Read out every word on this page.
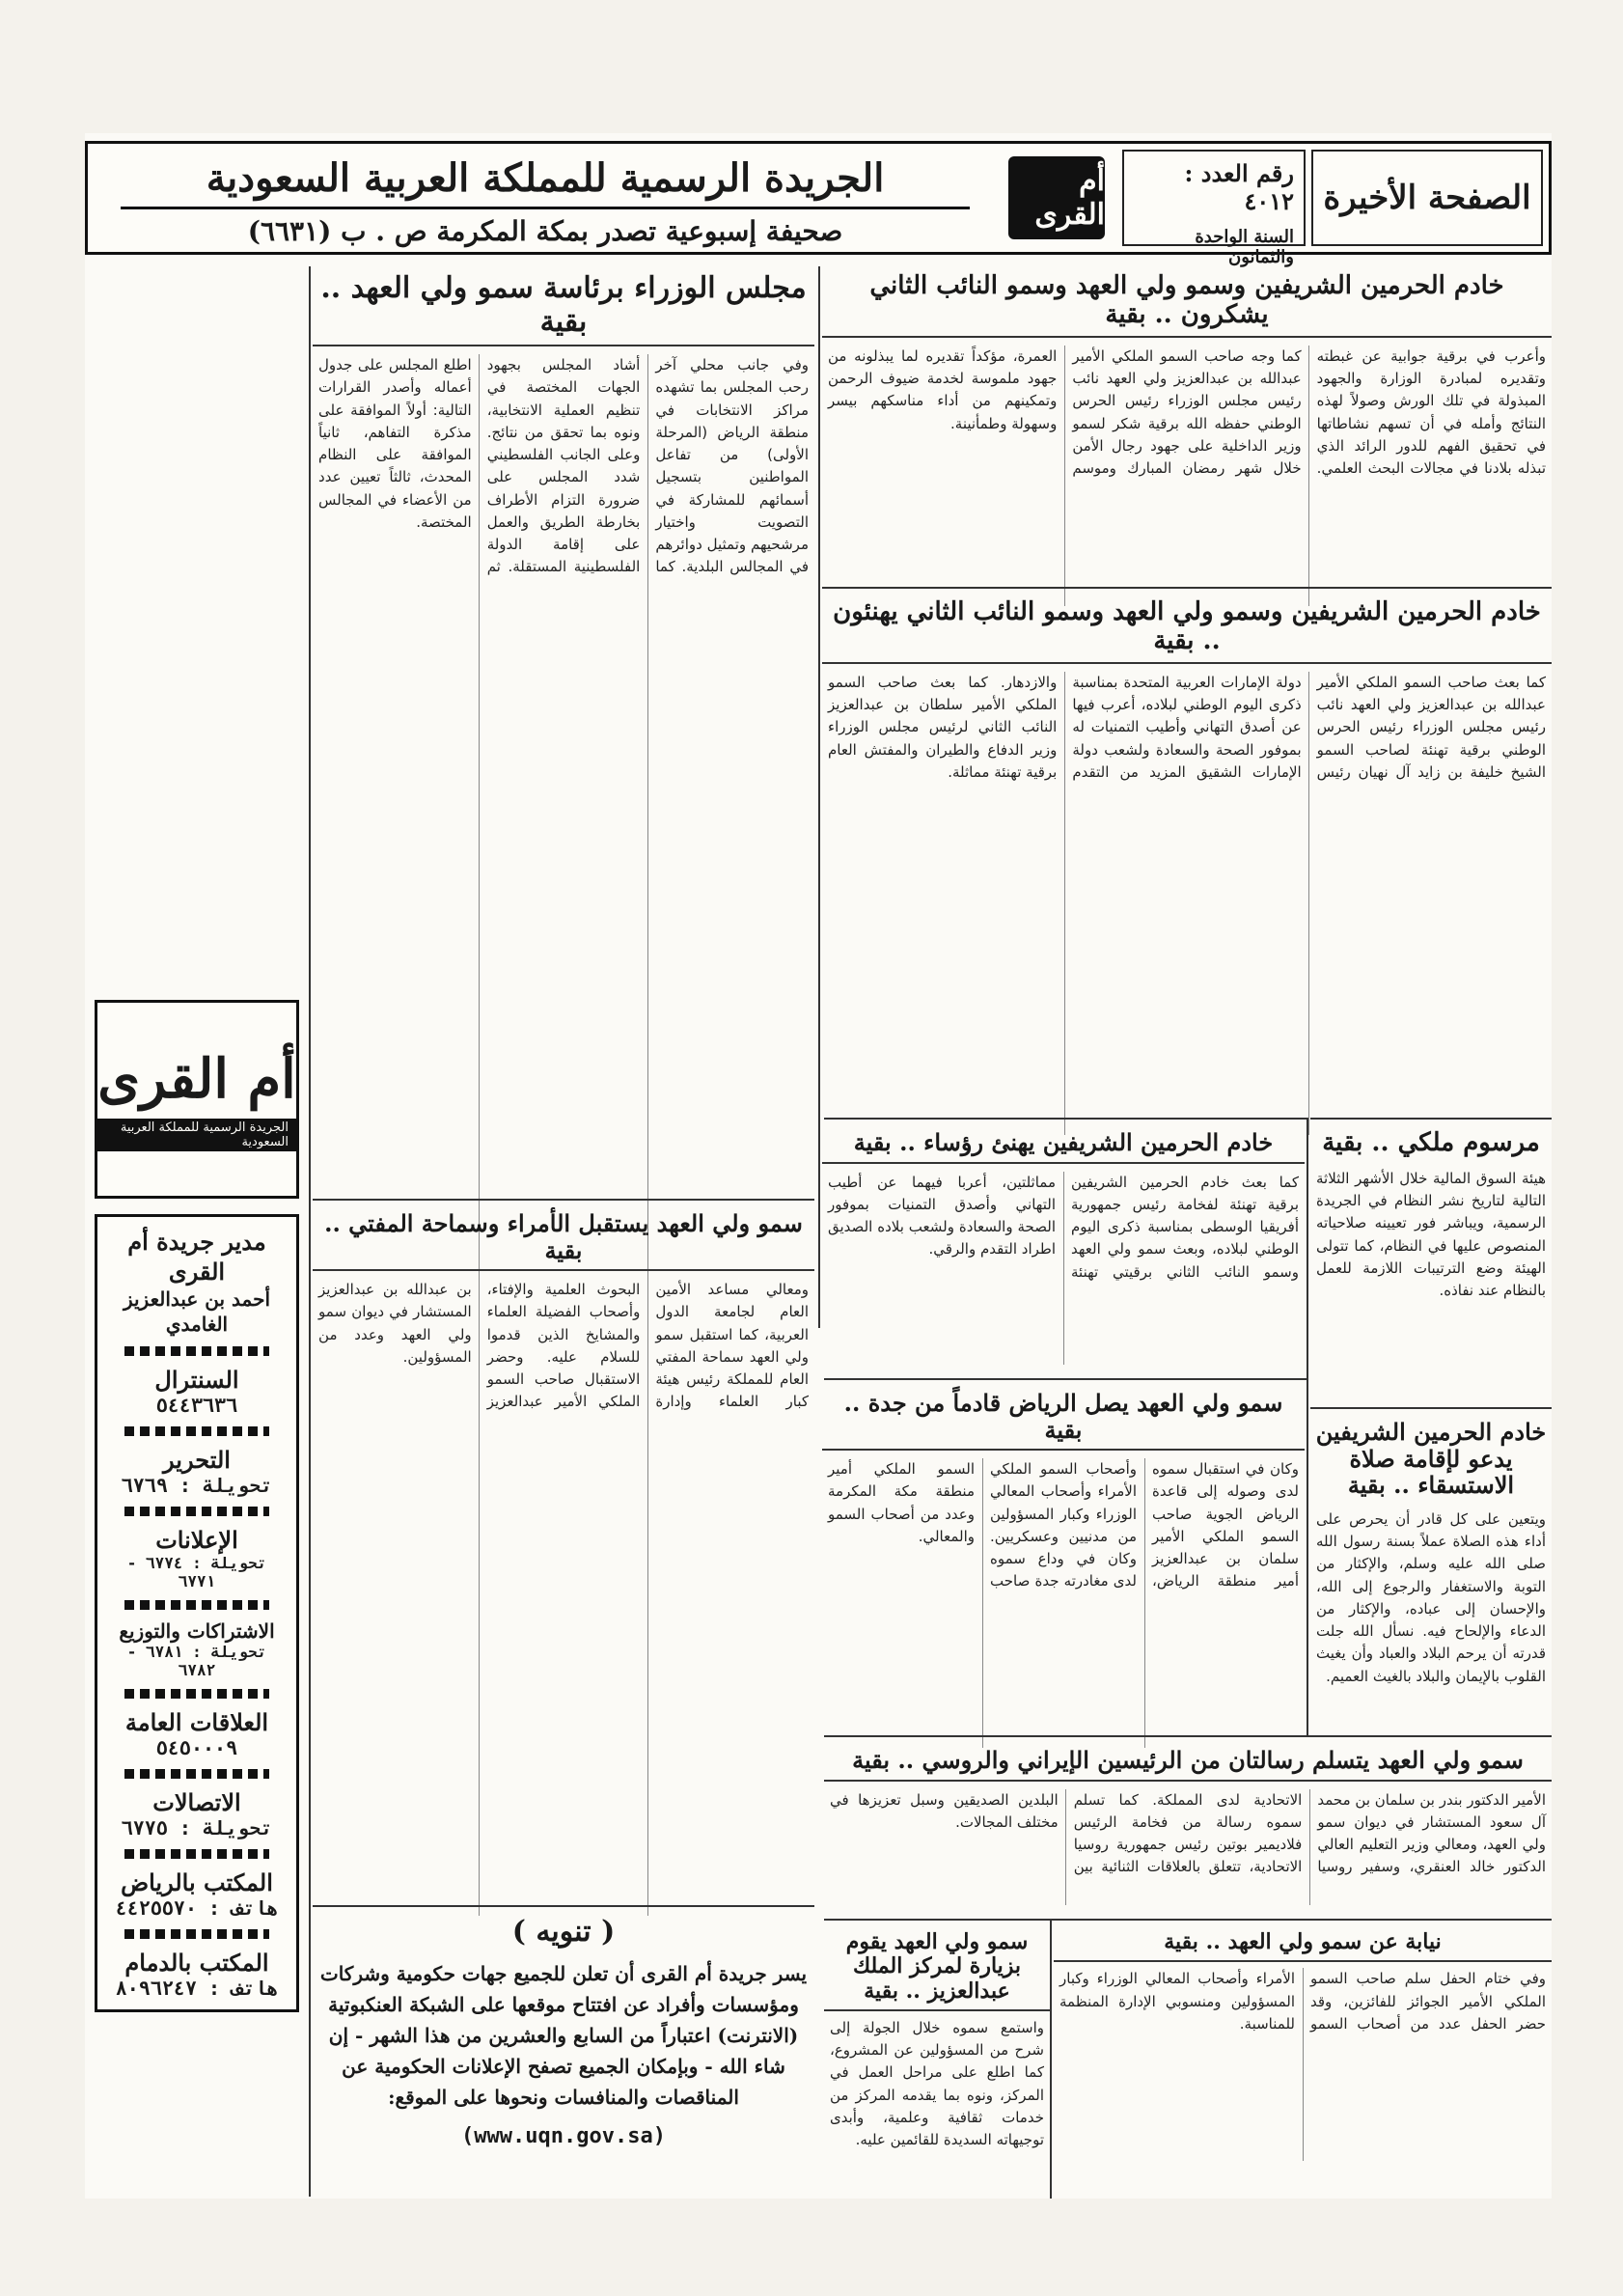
الصفحة الأخيرة
رقم العدد : ٤٠١٢
السنة الواحدة والثمانون
أم القرى
الجريدة الرسمية للمملكة العربية السعودية
صحيفة إسبوعية تصدر بمكة المكرمة ص . ب (٦٦٣١)
خادم الحرمين الشريفين وسمو ولي العهد وسمو النائب الثاني يشكرون .. بقية
وأعرب في برقية جوابية عن غبطته وتقديره لمبادرة الوزارة والجهود المبذولة في تلك الورش وصولاً لهذه النتائج وأمله في أن تسهم نشاطاتها في تحقيق الفهم للدور الرائد الذي تبذله بلادنا في مجالات البحث العلمي. كما وجه صاحب السمو الملكي الأمير عبدالله بن عبدالعزيز ولي العهد نائب رئيس مجلس الوزراء رئيس الحرس الوطني حفظه الله برقية شكر لسمو وزير الداخلية على جهود رجال الأمن خلال شهر رمضان المبارك وموسم العمرة، مؤكداً تقديره لما يبذلونه من جهود ملموسة لخدمة ضيوف الرحمن وتمكينهم من أداء مناسكهم بيسر وسهولة وطمأنينة.
مجلس الوزراء برئاسة سمو ولي العهد .. بقية
وفي جانب محلي آخر رحب المجلس بما تشهده مراكز الانتخابات في منطقة الرياض (المرحلة الأولى) من تفاعل المواطنين بتسجيل أسمائهم للمشاركة في التصويت واختيار مرشحيهم وتمثيل دوائرهم في المجالس البلدية. كما أشاد المجلس بجهود الجهات المختصة في تنظيم العملية الانتخابية، ونوه بما تحقق من نتائج. وعلى الجانب الفلسطيني شدد المجلس على ضرورة التزام الأطراف بخارطة الطريق والعمل على إقامة الدولة الفلسطينية المستقلة. ثم اطلع المجلس على جدول أعماله وأصدر القرارات التالية: أولاً الموافقة على مذكرة التفاهم، ثانياً الموافقة على النظام المحدث، ثالثاً تعيين عدد من الأعضاء في المجالس المختصة.
خادم الحرمين الشريفين وسمو ولي العهد وسمو النائب الثاني يهنئون .. بقية
كما بعث صاحب السمو الملكي الأمير عبدالله بن عبدالعزيز ولي العهد نائب رئيس مجلس الوزراء رئيس الحرس الوطني برقية تهنئة لصاحب السمو الشيخ خليفة بن زايد آل نهيان رئيس دولة الإمارات العربية المتحدة بمناسبة ذكرى اليوم الوطني لبلاده، أعرب فيها عن أصدق التهاني وأطيب التمنيات له بموفور الصحة والسعادة ولشعب دولة الإمارات الشقيق المزيد من التقدم والازدهار. كما بعث صاحب السمو الملكي الأمير سلطان بن عبدالعزيز النائب الثاني لرئيس مجلس الوزراء وزير الدفاع والطيران والمفتش العام برقية تهنئة مماثلة.
مرسوم ملكي .. بقية
هيئة السوق المالية خلال الأشهر الثلاثة التالية لتاريخ نشر النظام في الجريدة الرسمية، ويباشر فور تعيينه صلاحياته المنصوص عليها في النظام، كما تتولى الهيئة وضع الترتيبات اللازمة للعمل بالنظام عند نفاذه.
خادم الحرمين الشريفين يدعو لإقامة صلاة الاستسقاء .. بقية
ويتعين على كل قادر أن يحرص على أداء هذه الصلاة عملاً بسنة رسول الله صلى الله عليه وسلم، والإكثار من التوبة والاستغفار والرجوع إلى الله، والإحسان إلى عباده، والإكثار من الدعاء والإلحاح فيه. نسأل الله جلت قدرته أن يرحم البلاد والعباد وأن يغيث القلوب بالإيمان والبلاد بالغيث العميم.
خادم الحرمين الشريفين يهنئ رؤساء .. بقية
كما بعث خادم الحرمين الشريفين برقية تهنئة لفخامة رئيس جمهورية أفريقيا الوسطى بمناسبة ذكرى اليوم الوطني لبلاده، وبعث سمو ولي العهد وسمو النائب الثاني برقيتي تهنئة مماثلتين، أعربا فيهما عن أطيب التهاني وأصدق التمنيات بموفور الصحة والسعادة ولشعب بلاده الصديق اطراد التقدم والرقي.
سمو ولي العهد يستقبل الأمراء وسماحة المفتي .. بقية
ومعالي مساعد الأمين العام لجامعة الدول العربية، كما استقبل سمو ولي العهد سماحة المفتي العام للمملكة رئيس هيئة كبار العلماء وإدارة البحوث العلمية والإفتاء، وأصحاب الفضيلة العلماء والمشايخ الذين قدموا للسلام عليه. وحضر الاستقبال صاحب السمو الملكي الأمير عبدالعزيز بن عبدالله بن عبدالعزيز المستشار في ديوان سمو ولي العهد وعدد من المسؤولين.
سمو ولي العهد يصل الرياض قادماً من جدة .. بقية
وكان في استقبال سموه لدى وصوله إلى قاعدة الرياض الجوية صاحب السمو الملكي الأمير سلمان بن عبدالعزيز أمير منطقة الرياض، وأصحاب السمو الملكي الأمراء وأصحاب المعالي الوزراء وكبار المسؤولين من مدنيين وعسكريين. وكان في وداع سموه لدى مغادرته جدة صاحب السمو الملكي أمير منطقة مكة المكرمة وعدد من أصحاب السمو والمعالي.
سمو ولي العهد يتسلم رسالتان من الرئيسين الإيراني والروسي .. بقية
الأمير الدكتور بندر بن سلمان بن محمد آل سعود المستشار في ديوان سمو ولي العهد، ومعالي وزير التعليم العالي الدكتور خالد العنقري، وسفير روسيا الاتحادية لدى المملكة. كما تسلم سموه رسالة من فخامة الرئيس فلاديمير بوتين رئيس جمهورية روسيا الاتحادية، تتعلق بالعلاقات الثنائية بين البلدين الصديقين وسبل تعزيزها في مختلف المجالات.
سمو ولي العهد يقوم بزيارة لمركز الملك عبدالعزيز .. بقية
واستمع سموه خلال الجولة إلى شرح من المسؤولين عن المشروع، كما اطلع على مراحل العمل في المركز، ونوه بما يقدمه المركز من خدمات ثقافية وعلمية، وأبدى توجيهاته السديدة للقائمين عليه.
نيابة عن سمو ولي العهد .. بقية
وفي ختام الحفل سلم صاحب السمو الملكي الأمير الجوائز للفائزين، وقد حضر الحفل عدد من أصحاب السمو الأمراء وأصحاب المعالي الوزراء وكبار المسؤولين ومنسوبي الإدارة المنظمة للمناسبة.
( تنويه )
يسر جريدة أم القرى أن تعلن للجميع جهات حكومية وشركات ومؤسسات وأفراد عن افتتاح موقعها على الشبكة العنكبوتية (الانترنت) اعتباراً من السابع والعشرين من هذا الشهر - إن شاء الله - وبإمكان الجميع تصفح الإعلانات الحكومية عن المناقصات والمنافسات ونحوها على الموقع:
(www.uqn.gov.sa)
أم القرى
الجريدة الرسمية للمملكة العربية السعودية
مدير جريدة أم القرى
أحمد بن عبدالعزيز الغامدي
السنترال
٥٤٤٣٦٣٦
التحرير
تحويلة : ٦٧٦٩
الإعلانات
تحويلة : ٦٧٧٤ - ٦٧٧١
الاشتراكات والتوزيع
تحويلة : ٦٧٨١ - ٦٧٨٢
العلاقات العامة
٥٤٥٠٠٠٩
الاتصالات
تحويلة : ٦٧٧٥
المكتب بالرياض
هاتف : ٤٤٢٥٥٧٠
المكتب بالدمام
هاتف : ٨٠٩٦٢٤٧
